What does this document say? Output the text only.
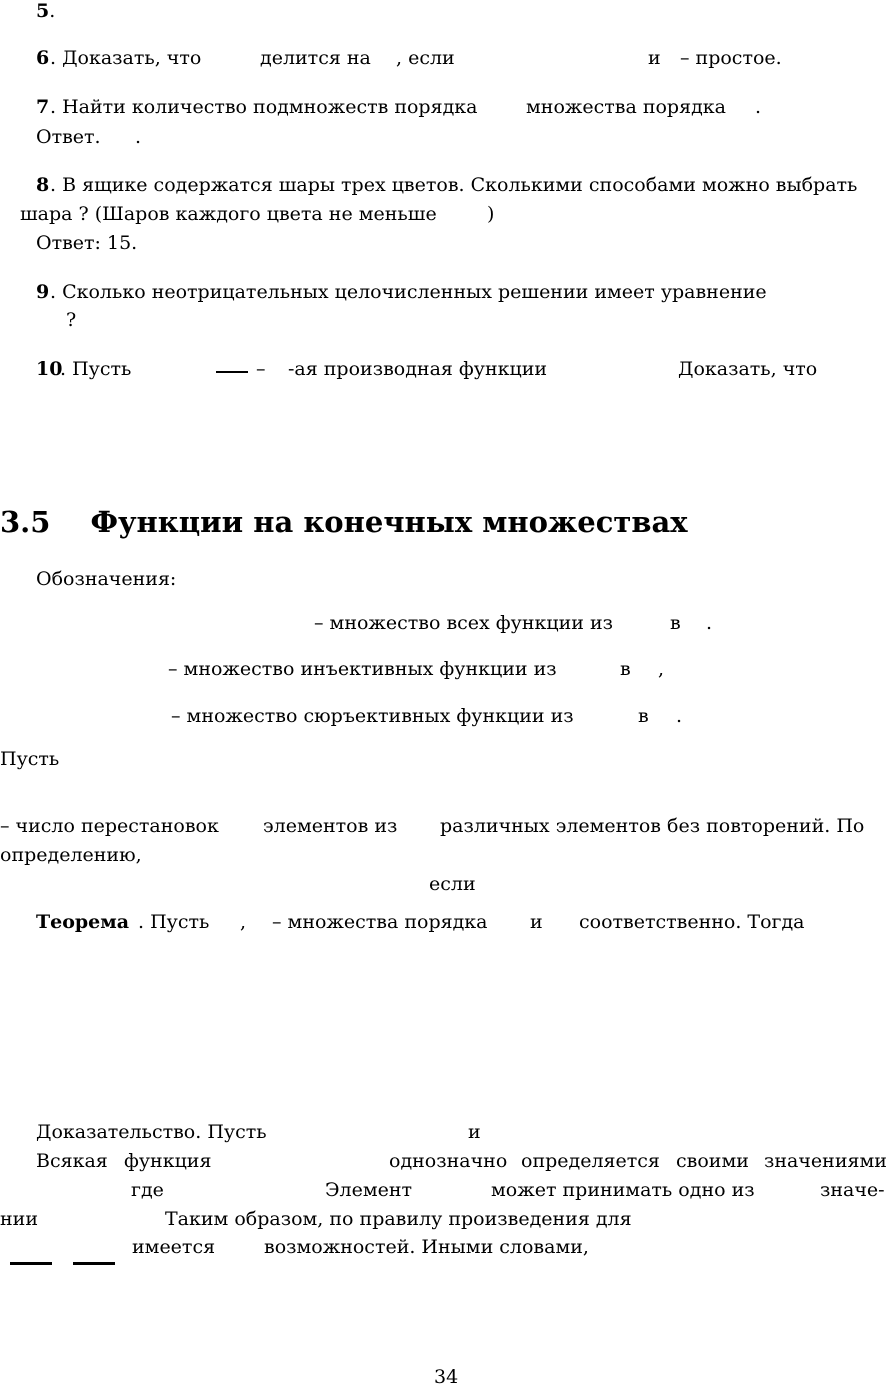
5.
6 . Доказать, что	делится на , если	и – простое.
7 . Найти количество подмножеств порядка	множества порядка .
Ответ. .
8 . В ящике содержатся шары трех цветов. Сколькими способами можно выбрать
шара ? (Шаров каждого цвета не меньше	)
Ответ: 15.
9 . Сколько неотрицательных целочисленных решении имеет уравнение
?
10
. Пусть	– -ая производная функции	Доказать, что
3.5 Функции на конечных множествах
Обозначения:
– множество всех функции из	в .
– множество инъективных функции из	в ,
– множество сюръективных функции из	в .
Пусть
– число перестановок элементов из различных элементов без повторений. По
определению,
если
Теорема . Пусть , – множества порядка и соответственно. Тогда
Доказательство. Пусть	и
Всякая функция	однозначно определяется своими значениями
где	Элемент	может принимать одно из	значе-
нии	Таким образом, по правилу произведения для
имеется	возможностей. Иными словами,
34
